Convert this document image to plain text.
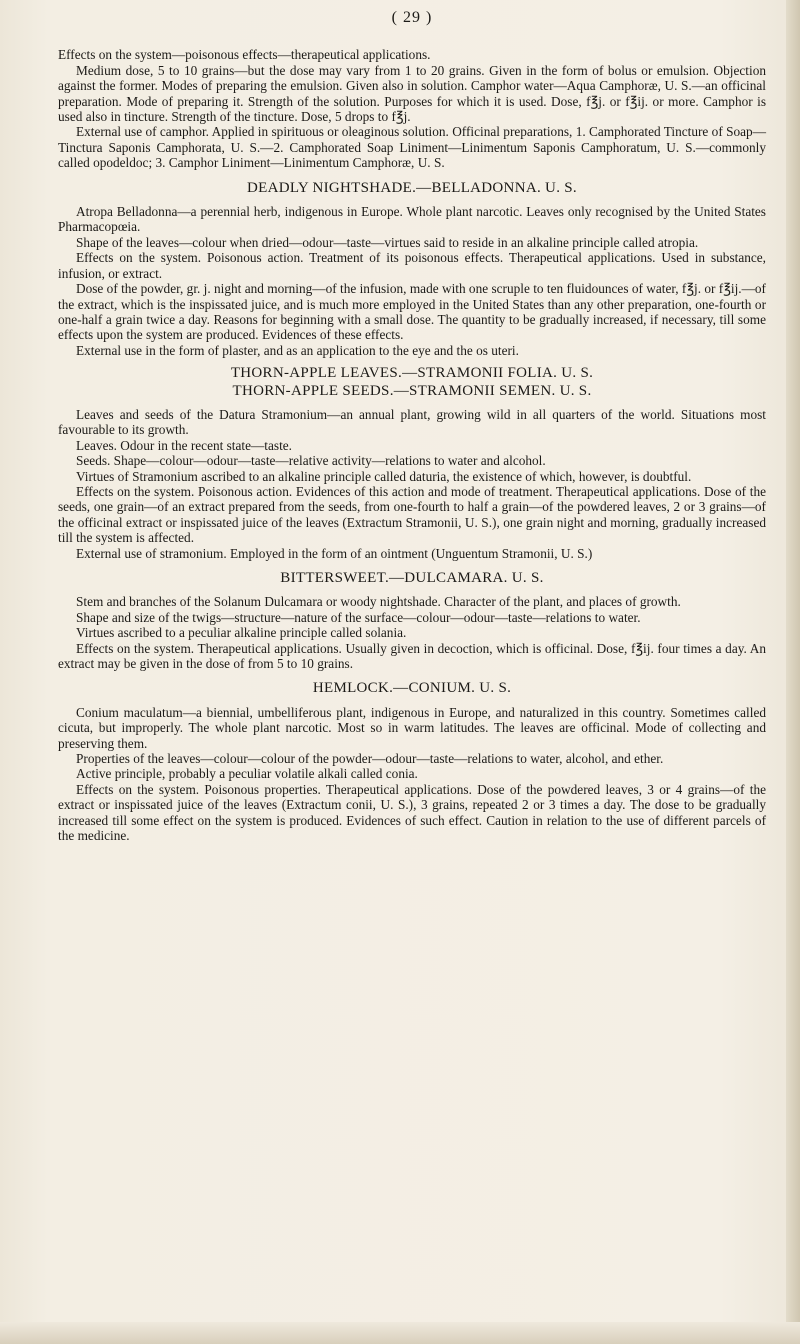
( 29 )

Effects on the system—poisonous effects—therapeutical applications.

Medium dose, 5 to 10 grains—but the dose may vary from 1 to 20 grains. Given in the form of bolus or emulsion. Objection against the former. Modes of preparing the emulsion. Given also in solution. Camphor water—Aqua Camphoræ, U. S.—an officinal preparation. Mode of preparing it. Strength of the solution. Purposes for which it is used. Dose, f℥j. or f℥ij. or more. Camphor is used also in tincture. Strength of the tincture. Dose, 5 drops to f℥j.

External use of camphor. Applied in spirituous or oleaginous solution. Officinal preparations, 1. Camphorated Tincture of Soap—Tinctura Saponis Camphorata, U. S.—2. Camphorated Soap Liniment—Linimentum Saponis Camphoratum, U. S.—commonly called opodeldoc; 3. Camphor Liniment—Linimentum Camphoræ, U. S.

DEADLY NIGHTSHADE.—BELLADONNA. U. S.

Atropa Belladonna—a perennial herb, indigenous in Europe. Whole plant narcotic. Leaves only recognised by the United States Pharmacopœia.

Shape of the leaves—colour when dried—odour—taste—virtues said to reside in an alkaline principle called atropia.

Effects on the system. Poisonous action. Treatment of its poisonous effects. Therapeutical applications. Used in substance, infusion, or extract.

Dose of the powder, gr. j. night and morning—of the infusion, made with one scruple to ten fluidounces of water, f℥j. or f℥ij.—of the extract, which is the inspissated juice, and is much more employed in the United States than any other preparation, one-fourth or one-half a grain twice a day. Reasons for beginning with a small dose. The quantity to be gradually increased, if necessary, till some effects upon the system are produced. Evidences of these effects.

External use in the form of plaster, and as an application to the eye and the os uteri.

THORN-APPLE LEAVES.—STRAMONII FOLIA. U. S.
THORN-APPLE SEEDS.—STRAMONII SEMEN. U. S.

Leaves and seeds of the Datura Stramonium—an annual plant, growing wild in all quarters of the world. Situations most favourable to its growth.

Leaves. Odour in the recent state—taste.

Seeds. Shape—colour—odour—taste—relative activity—relations to water and alcohol.

Virtues of Stramonium ascribed to an alkaline principle called daturia, the existence of which, however, is doubtful.

Effects on the system. Poisonous action. Evidences of this action and mode of treatment. Therapeutical applications. Dose of the seeds, one grain—of an extract prepared from the seeds, from one-fourth to half a grain—of the powdered leaves, 2 or 3 grains—of the officinal extract or inspissated juice of the leaves (Extractum Stramonii, U. S.), one grain night and morning, gradually increased till the system is affected.

External use of stramonium. Employed in the form of an ointment (Unguentum Stramonii, U. S.)

BITTERSWEET.—DULCAMARA. U. S.

Stem and branches of the Solanum Dulcamara or woody nightshade. Character of the plant, and places of growth.

Shape and size of the twigs—structure—nature of the surface—colour—odour—taste—relations to water.

Virtues ascribed to a peculiar alkaline principle called solania.

Effects on the system. Therapeutical applications. Usually given in decoction, which is officinal. Dose, f℥ij. four times a day. An extract may be given in the dose of from 5 to 10 grains.

HEMLOCK.—CONIUM. U. S.

Conium maculatum—a biennial, umbelliferous plant, indigenous in Europe, and naturalized in this country. Sometimes called cicuta, but improperly. The whole plant narcotic. Most so in warm latitudes. The leaves are officinal. Mode of collecting and preserving them.

Properties of the leaves—colour—colour of the powder—odour—taste—relations to water, alcohol, and ether.

Active principle, probably a peculiar volatile alkali called conia.

Effects on the system. Poisonous properties. Therapeutical applications. Dose of the powdered leaves, 3 or 4 grains—of the extract or inspissated juice of the leaves (Extractum conii, U. S.), 3 grains, repeated 2 or 3 times a day. The dose to be gradually increased till some effect on the system is produced. Evidences of such effect. Caution in relation to the use of different parcels of the medicine.
